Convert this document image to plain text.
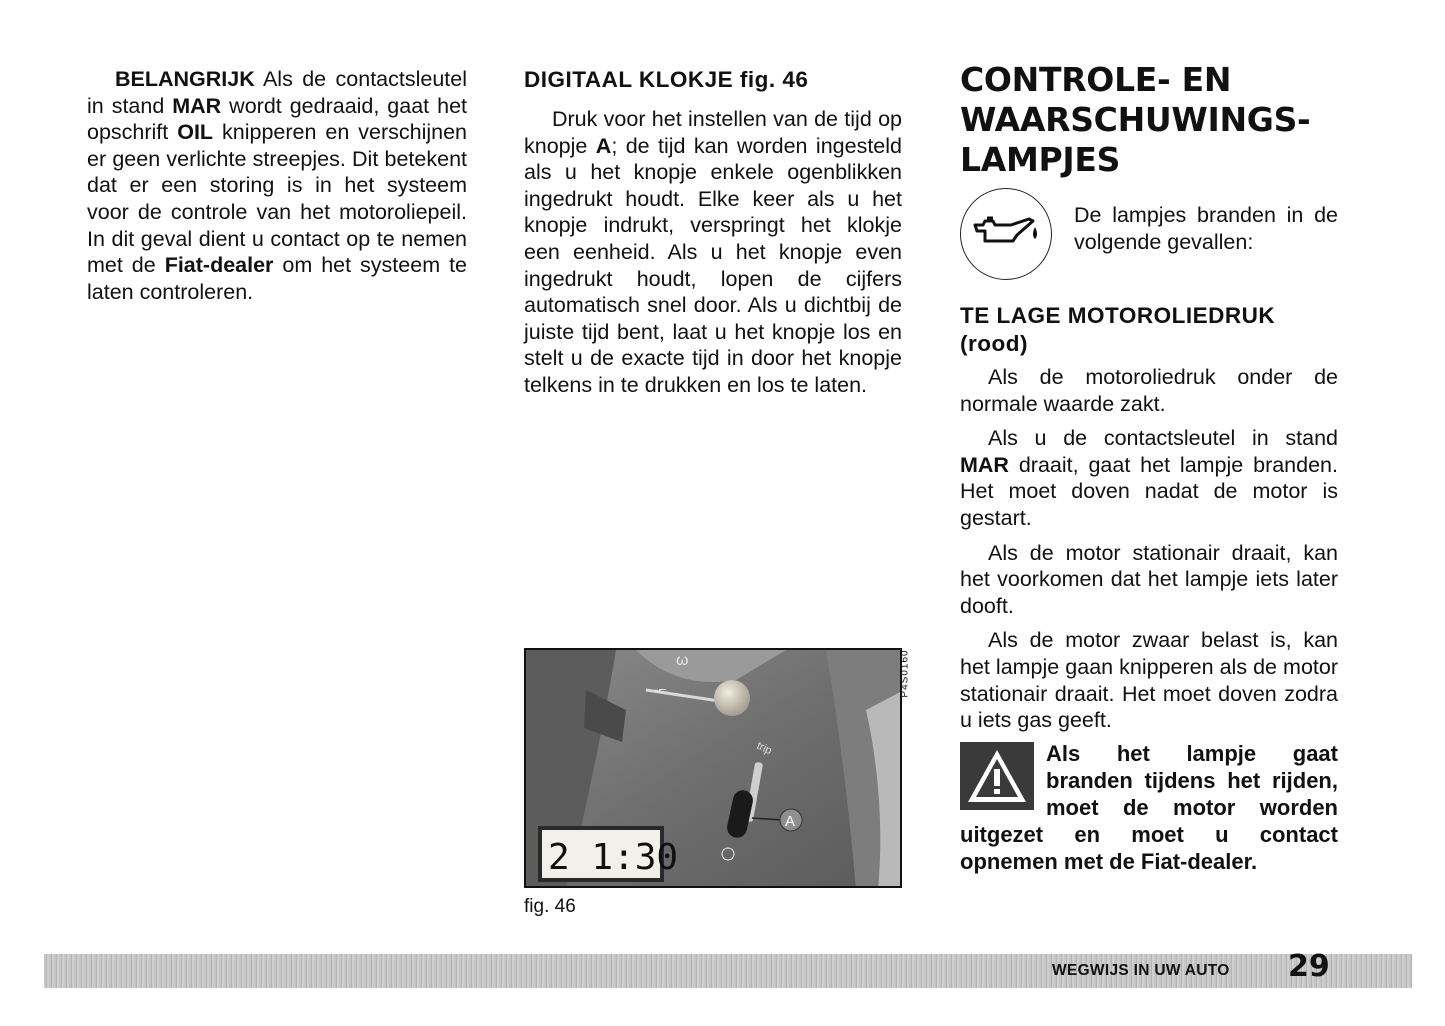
BELANGRIJK Als de contactsleutel in stand MAR wordt gedraaid, gaat het opschrift OIL knipperen en verschijnen er geen verlichte streepjes. Dit betekent dat er een storing is in het systeem voor de controle van het motoroliepeil. In dit geval dient u contact op te nemen met de Fiat-dealer om het systeem te laten controleren.

DIGITAAL KLOKJE fig. 46

Druk voor het instellen van de tijd op knopje A; de tijd kan worden ingesteld als u het knopje enkele ogenblikken ingedrukt houdt. Elke keer als u het knopje indrukt, verspringt het klokje een eenheid. Als u het knopje even ingedrukt houdt, lopen de cijfers automatisch snel door. Als u dichtbij de juiste tijd bent, laat u het knopje los en stelt u de exacte tijd in door het knopje telkens in te drukken en los te laten.

ω
‑⌐
trip
A
2 1:30
P4S0160
fig. 46
CONTROLE- EN
WAARSCHUWINGS-
LAMPJES
De lampjes branden in de volgende gevallen:
TE LAGE MOTOROLIEDRUK (rood)

Als de motoroliedruk onder de normale waarde zakt.

Als u de contactsleutel in stand MAR draait, gaat het lampje branden. Het moet doven nadat de motor is gestart.

Als de motor stationair draait, kan het voorkomen dat het lampje iets later dooft.

Als de motor zwaar belast is, kan het lampje gaan knipperen als de motor stationair draait. Het moet doven zodra u iets gas geeft.

Als het lampje gaat branden tijdens het rijden, moet de motor worden uitgezet en moet u contact opnemen met de Fiat-dealer.

WEGWIJS IN UW AUTO 29
